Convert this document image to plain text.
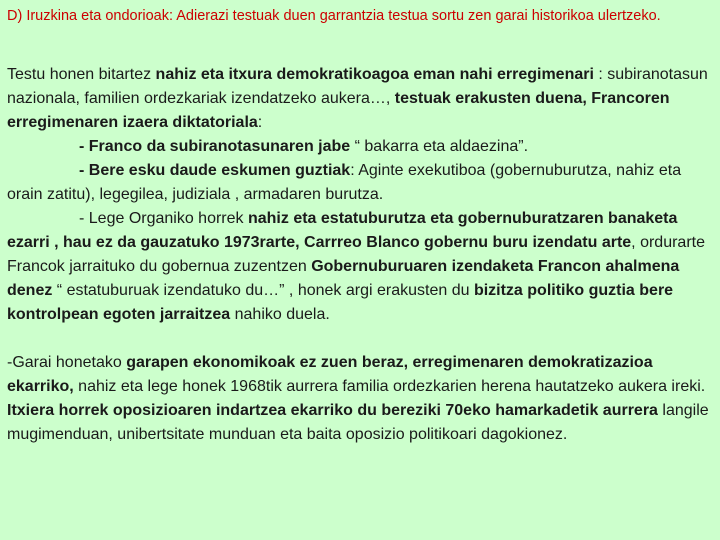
D) Iruzkina eta ondorioak: Adierazi testuak duen garrantzia testua sortu zen garai historikoa ulertzeko.

Testu honen bitartez nahiz eta itxura demokratikoagoa eman nahi erregimenari : subiranotasun nazionala, familien ordezkariak izendatzeko aukera…, testuak erakusten duena, Francoren erregimenaren izaera diktatoriala:
- Franco da subiranotasunaren jabe “ bakarra eta aldaezina”.
- Bere esku daude eskumen guztiak: Aginte exekutiboa (gobernuburutza, nahiz eta orain zatitu), legegilea, judiziala , armadaren burutza.
- Lege Organiko horrek nahiz eta estatuburutza eta gobernuburatzaren banaketa ezarri , hau ez da gauzatuko 1973rarte, Carrreo Blanco gobernu buru izendatu arte, ordurarte Francok jarraituko du gobernua zuzentzen Gobernuburuaren izendaketa Francon ahalmena denez “ estatuburuak izendatuko du…” , honek argi erakusten du bizitza politiko guztia bere kontrolpean egoten jarraitzea nahiko duela.

-Garai honetako garapen ekonomikoak ez zuen beraz, erregimenaren demokratizazioa ekarriko, nahiz eta lege honek 1968tik aurrera familia ordezkarien herena hautatzeko aukera ireki. Itxiera horrek oposizioaren indartzea ekarriko du bereziki 70eko hamarkadetik aurrera langile mugimenduan, unibertsitate munduan eta baita oposizio politikoari dagokionez.
